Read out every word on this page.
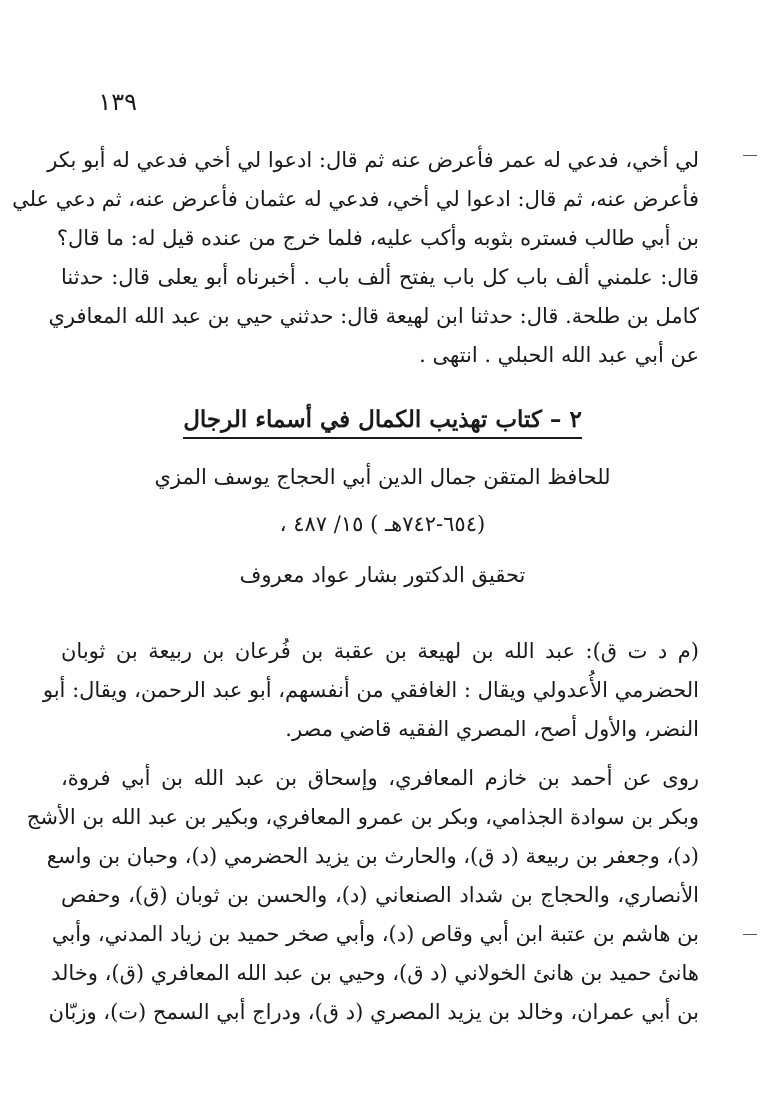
١٣٩
لي أخي، فدعي له عمر فأعرض عنه ثم قال: ادعوا لي أخي فدعي له أبو بكر
فأعرض عنه، ثم قال: ادعوا لي أخي، فدعي له عثمان فأعرض عنه، ثم دعي علي
بن أبي طالب فستره بثوبه وأكب عليه، فلما خرج من عنده قيل له: ما قال؟
قال: علمني ألف باب كل باب يفتح ألف باب . أخبرناه أبو يعلى قال: حدثنا
كامل بن طلحة. قال: حدثنا ابن لهيعة قال: حدثني حيي بن عبد الله المعافري
عن أبي عبد الله الحبلي . انتهى .
٢ – كتاب تهذيب الكمال في أسماء الرجال
للحافظ المتقن جمال الدين أبي الحجاج يوسف المزي
(٦٥٤-٧٤٢هـ ) ١٥/ ٤٨٧ ،
تحقيق الدكتور بشار عواد معروف
(م د ت ق): عبد الله بن لهيعة بن عقبة بن فُرعان بن ربيعة بن ثوبان
الحضرمي الأُعدولي ويقال : الغافقي من أنفسهم، أبو عبد الرحمن، ويقال: أبو
النضر، والأول أصح، المصري الفقيه قاضي مصر.
روى عن أحمد بن خازم المعافري، وإسحاق بن عبد الله بن أبي فروة،
وبكر بن سوادة الجذامي، وبكر بن عمرو المعافري، وبكير بن عبد الله بن الأشج
(د)، وجعفر بن ربيعة (د ق)، والحارث بن يزيد الحضرمي (د)، وحبان بن واسع
الأنصاري، والحجاج بن شداد الصنعاني (د)، والحسن بن ثوبان (ق)، وحفص
بن هاشم بن عتبة ابن أبي وقاص (د)، وأبي صخر حميد بن زياد المدني، وأبي
هانئ حميد بن هانئ الخولاني (د ق)، وحيي بن عبد الله المعافري (ق)، وخالد
بن أبي عمران، وخالد بن يزيد المصري (د ق)، ودراج أبي السمح (ت)، وزبّان
